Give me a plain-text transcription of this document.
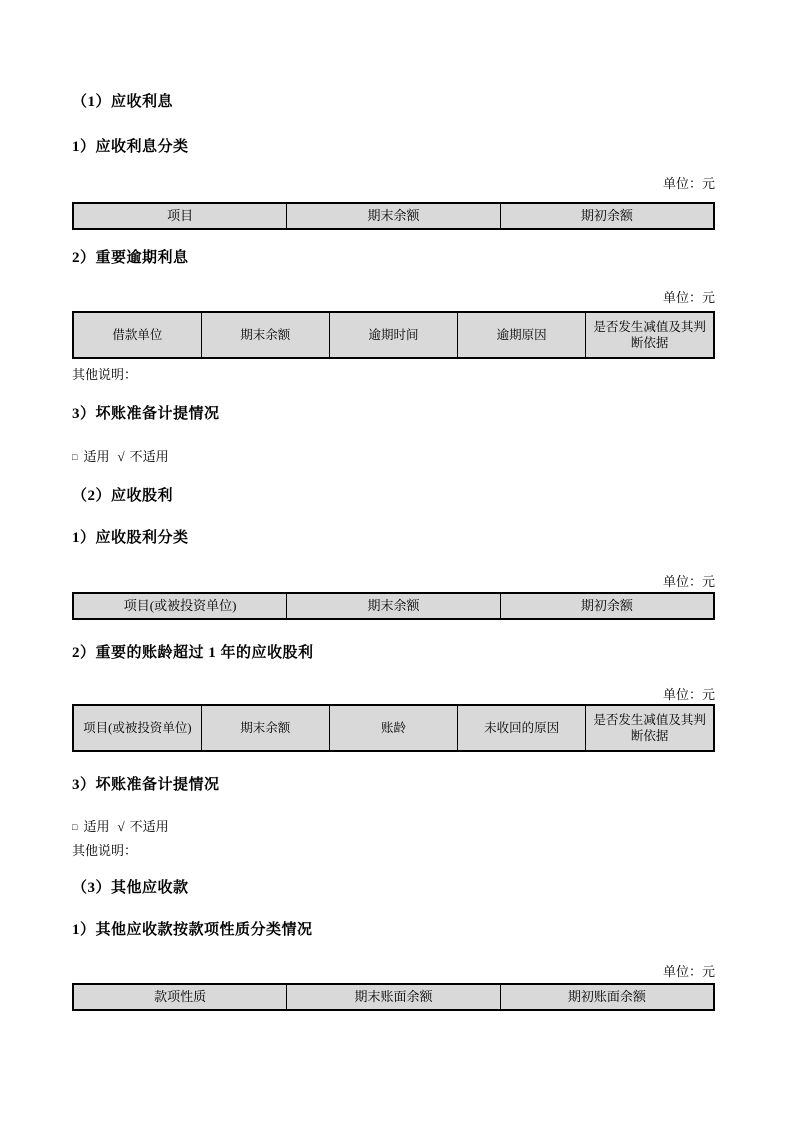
（1）应收利息
1）应收利息分类
单位：元
项目	期末余额	期初余额
2）重要逾期利息
单位：元
借款单位	期末余额	逾期时间	逾期原因	是否发生减值及其判断依据
其他说明：
3）坏账准备计提情况
□ 适用 √ 不适用
（2）应收股利
1）应收股利分类
单位：元
项目(或被投资单位)	期末余额	期初余额
2）重要的账龄超过 1 年的应收股利
单位：元
项目(或被投资单位)	期末余额	账龄	未收回的原因	是否发生减值及其判断依据
3）坏账准备计提情况
□ 适用 √ 不适用
其他说明：
（3）其他应收款
1）其他应收款按款项性质分类情况
单位：元
款项性质	期末账面余额	期初账面余额
